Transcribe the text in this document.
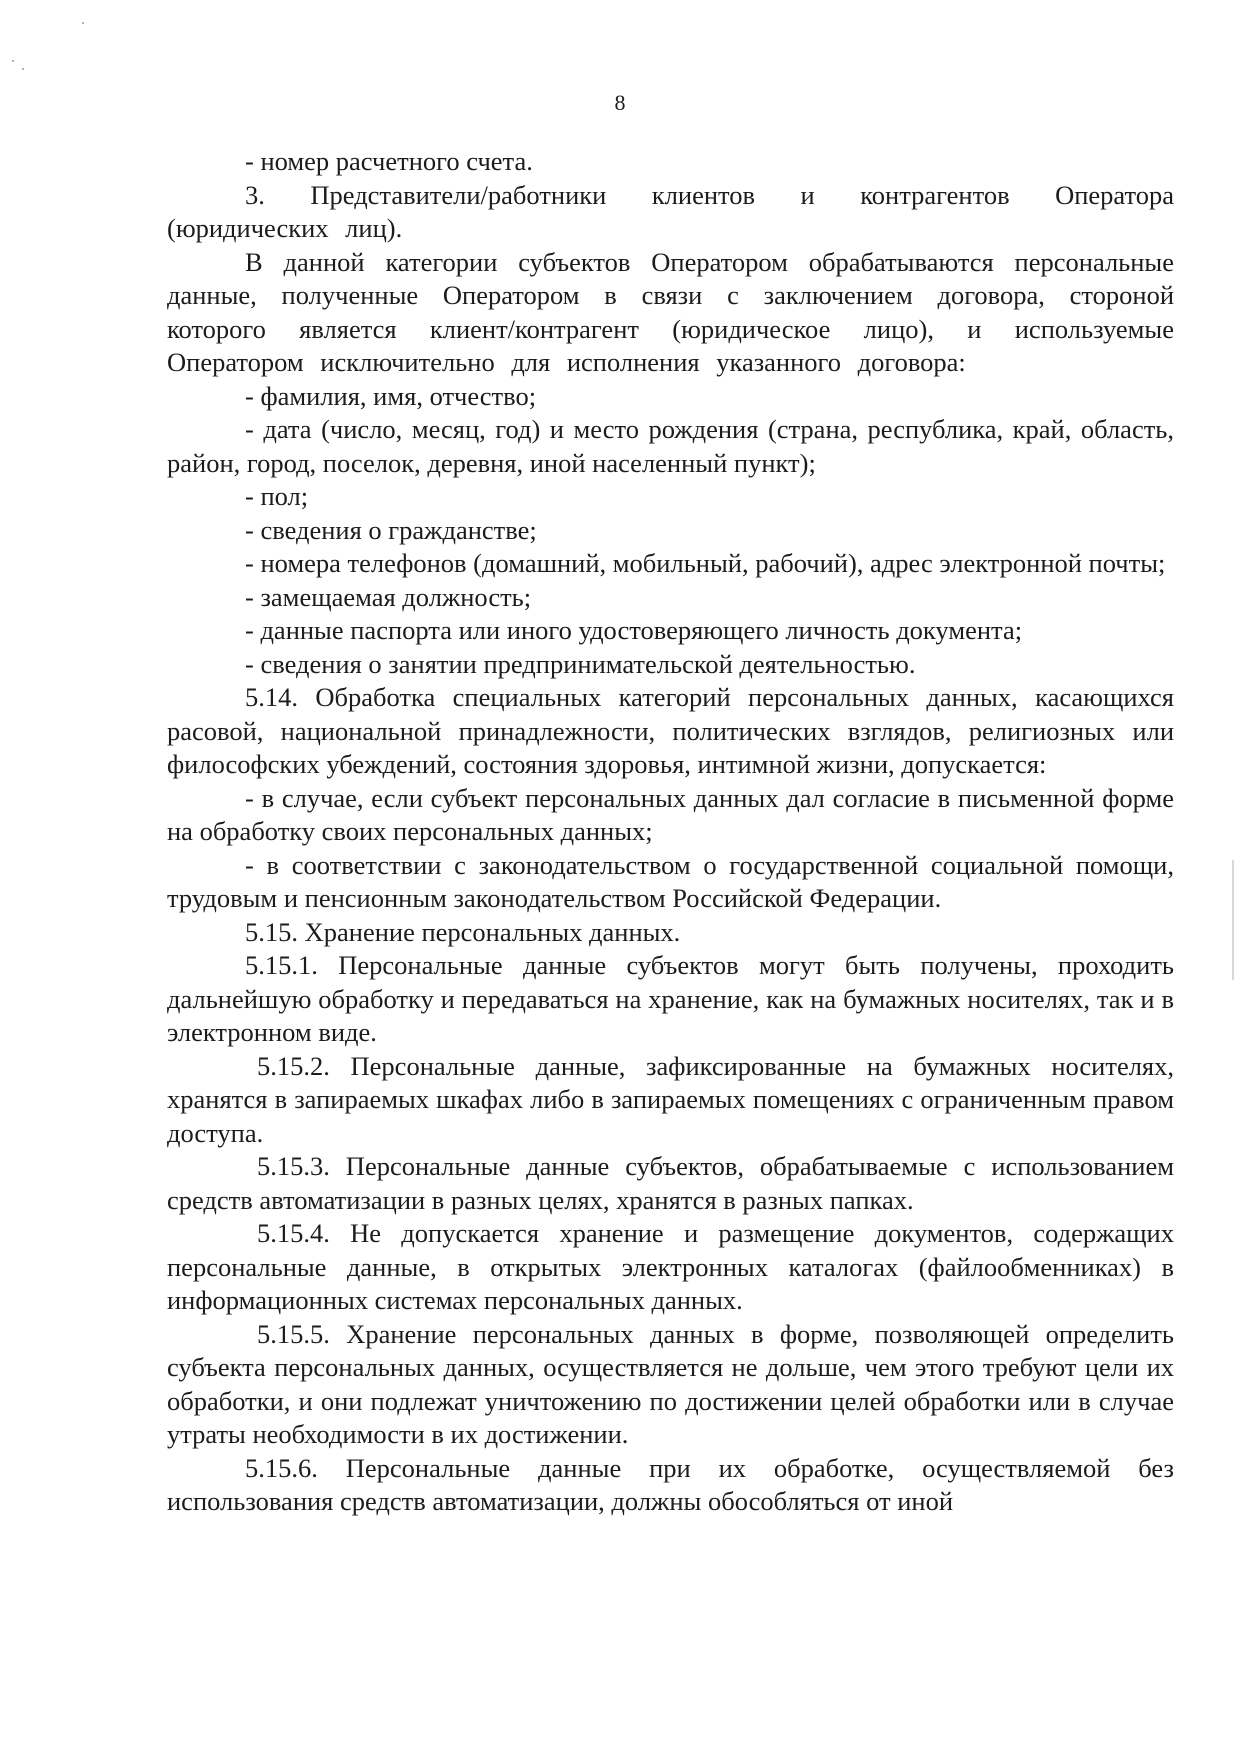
8

- номер расчетного счета.

3. Представители/работники клиентов и контрагентов Оператора (юридических лиц).

В данной категории субъектов Оператором обрабатываются персональные данные, полученные Оператором в связи с заключением договора, стороной которого является клиент/контрагент (юридическое лицо), и используемые Оператором исключительно для исполнения указанного договора:

- фамилия, имя, отчество;

- дата (число, месяц, год) и место рождения (страна, республика, край, область, район, город, поселок, деревня, иной населенный пункт);

- пол;

- сведения о гражданстве;

- номера телефонов (домашний, мобильный, рабочий), адрес электронной почты;

- замещаемая должность;

- данные паспорта или иного удостоверяющего личность документа;

- сведения о занятии предпринимательской деятельностью.

5.14. Обработка специальных категорий персональных данных, касающихся расовой, национальной принадлежности, политических взглядов, религиозных или философских убеждений, состояния здоровья, интимной жизни, допускается:

- в случае, если субъект персональных данных дал согласие в письменной форме на обработку своих персональных данных;

- в соответствии с законодательством о государственной социальной помощи, трудовым и пенсионным законодательством Российской Федерации.

5.15. Хранение персональных данных.

5.15.1. Персональные данные субъектов могут быть получены, проходить дальнейшую обработку и передаваться на хранение, как на бумажных носителях, так и в электронном виде.

5.15.2. Персональные данные, зафиксированные на бумажных носителях, хранятся в запираемых шкафах либо в запираемых помещениях с ограниченным правом доступа.

5.15.3. Персональные данные субъектов, обрабатываемые с использованием средств автоматизации в разных целях, хранятся в разных папках.

5.15.4. Не допускается хранение и размещение документов, содержащих персональные данные, в открытых электронных каталогах (файлообменниках) в информационных системах персональных данных.

5.15.5. Хранение персональных данных в форме, позволяющей определить субъекта персональных данных, осуществляется не дольше, чем этого требуют цели их обработки, и они подлежат уничтожению по достижении целей обработки или в случае утраты необходимости в их достижении.

5.15.6. Персональные данные при их обработке, осуществляемой без использования средств автоматизации, должны обособляться от иной
